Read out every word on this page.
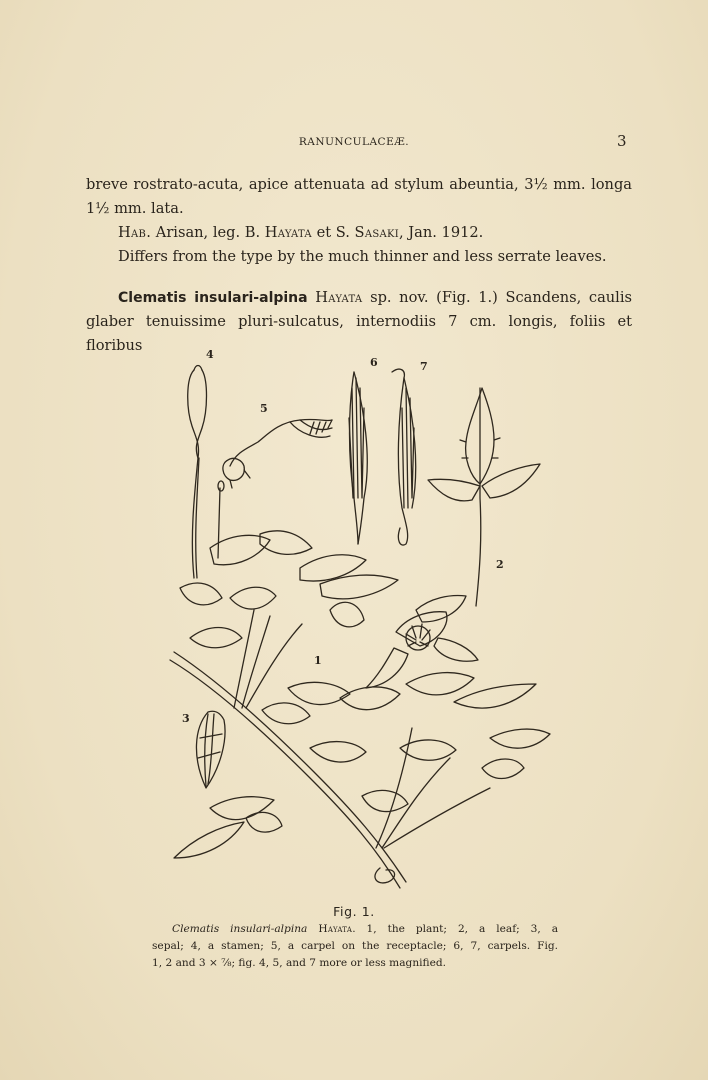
RANUNCULACEÆ.	3
breve rostrato-acuta, apice attenuata ad stylum abeuntia, 3½ mm. longa
1½ mm. lata.
Hab. Arisan, leg. B. Hayata et S. Sasaki, Jan. 1912.
Differs from the type by the much thinner and less serrate leaves.
Clematis insulari-alpina Hayata sp. nov. (Fig. 1.) Scandens, caulis
glaber tenuissime pluri-sulcatus, internodiis 7 cm. longis, foliis et floribus
4
5
6	7
2
1
3
Fig. 1.
Clematis insulari-alpina Hayata. 1, the plant; 2, a leaf; 3, a
sepal; 4, a stamen; 5, a carpel on the receptacle; 6, 7, carpels. Fig.
1, 2 and 3 × ⅞; fig. 4, 5, and 7 more or less magnified.
